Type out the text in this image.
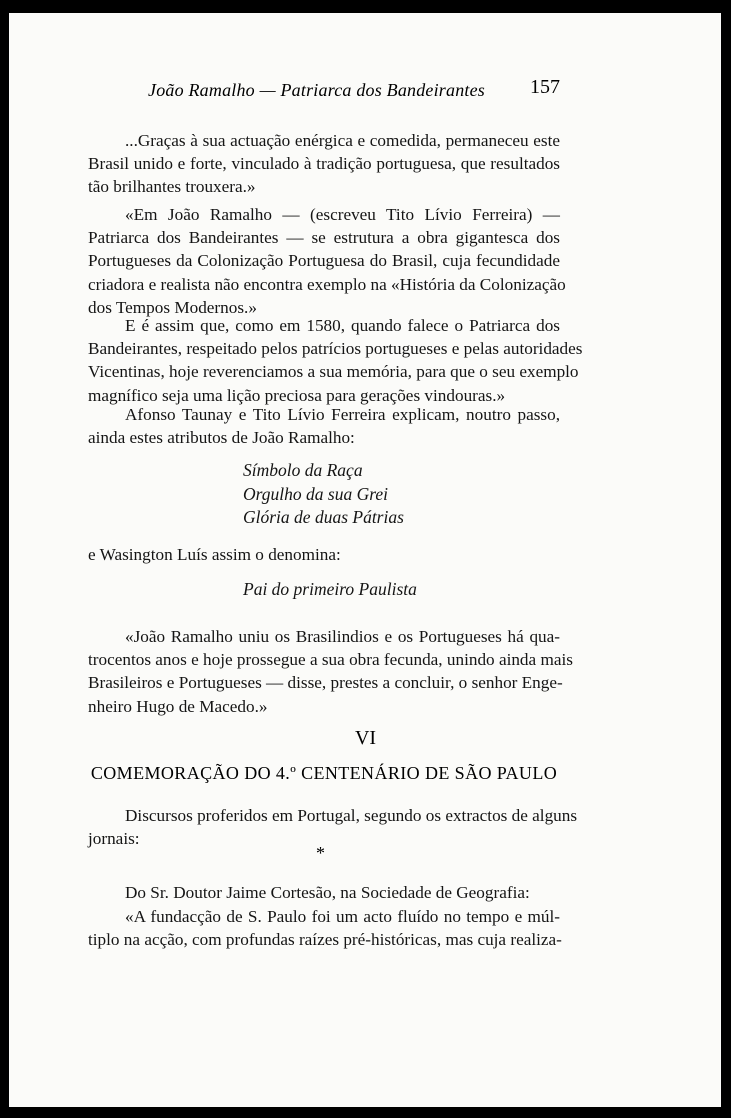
João Ramalho — Patriarca dos Bandeirantes 157
...Graças à sua actuação enérgica e comedida, permaneceu este
Brasil unido e forte, vinculado à tradição portuguesa, que resultados
tão brilhantes trouxera.»
«Em João Ramalho — (escreveu Tito Lívio Ferreira) —
Patriarca dos Bandeirantes — se estrutura a obra gigantesca dos
Portugueses da Colonização Portuguesa do Brasil, cuja fecundidade
criadora e realista não encontra exemplo na «História da Colonização
dos Tempos Modernos.»
E é assim que, como em 1580, quando falece o Patriarca dos
Bandeirantes, respeitado pelos patrícios portugueses e pelas autoridades
Vicentinas, hoje reverenciamos a sua memória, para que o seu exemplo
magnífico seja uma lição preciosa para gerações vindouras.»
Afonso Taunay e Tito Lívio Ferreira explicam, noutro passo,
ainda estes atributos de João Ramalho:
Símbolo da Raça
Orgulho da sua Grei
Glória de duas Pátrias
e Wasington Luís assim o denomina:
Pai do primeiro Paulista
«João Ramalho uniu os Brasilindios e os Portugueses há qua-
trocentos anos e hoje prossegue a sua obra fecunda, unindo ainda mais
Brasileiros e Portugueses — disse, prestes a concluir, o senhor Enge-
nheiro Hugo de Macedo.»
VI
COMEMORAÇÃO DO 4.º CENTENÁRIO DE SÃO PAULO
Discursos proferidos em Portugal, segundo os extractos de alguns
jornais:
*
Do Sr. Doutor Jaime Cortesão, na Sociedade de Geografia:
«A fundacção de S. Paulo foi um acto fluído no tempo e múl-
tiplo na acção, com profundas raízes pré-históricas, mas cuja realiza-
